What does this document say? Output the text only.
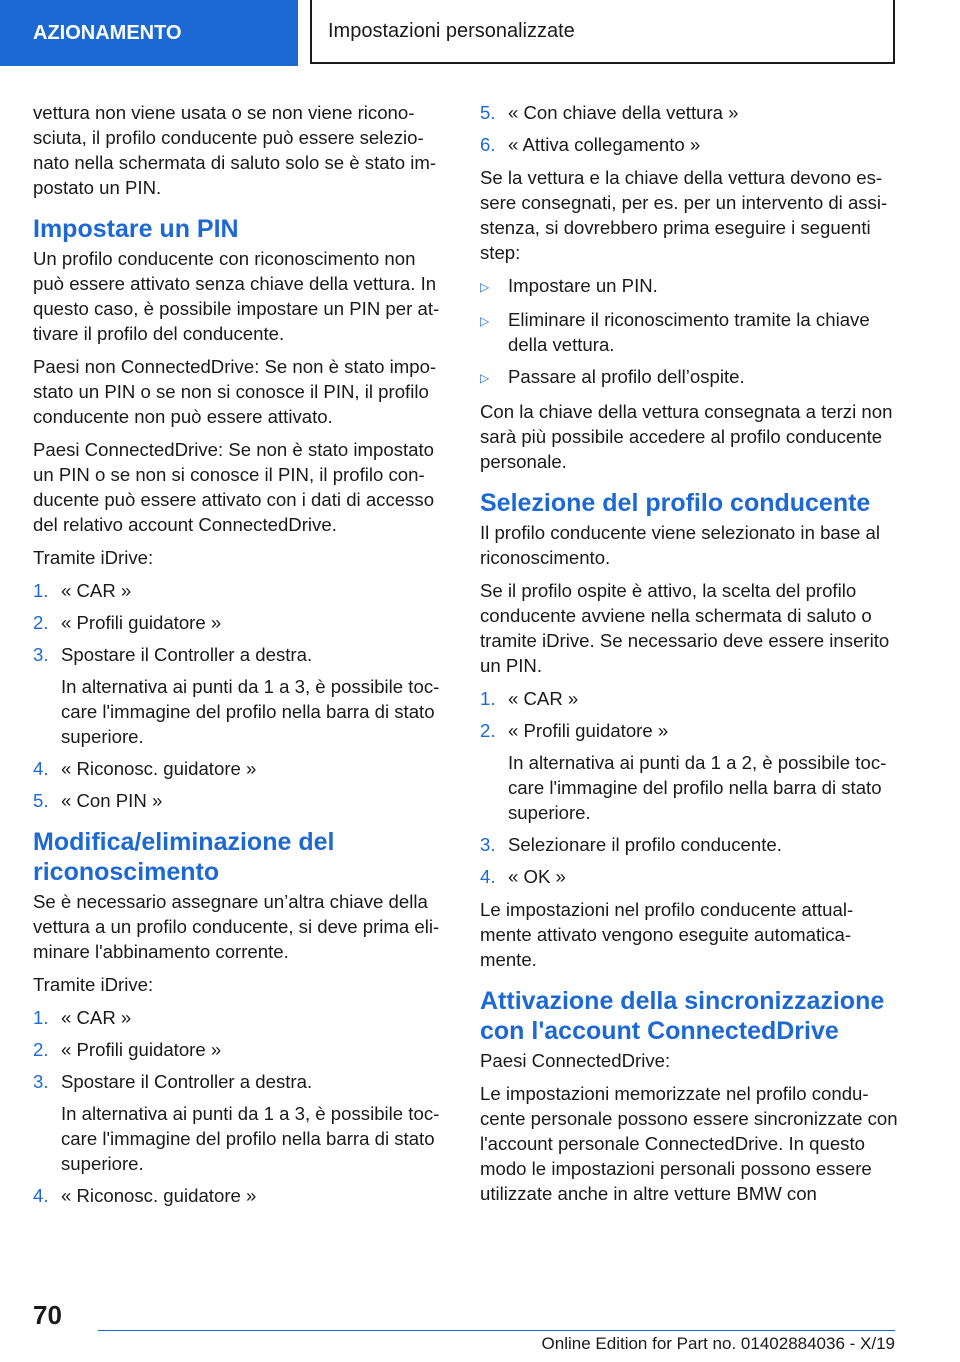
AZIONAMENTO	Impostazioni personalizzate

vettura non viene usata o se non viene riconosciuta, il profilo conducente può essere selezionato nella schermata di saluto solo se è stato impostato un PIN.

Impostare un PIN

Un profilo conducente con riconoscimento non può essere attivato senza chiave della vettura. In questo caso, è possibile impostare un PIN per attivare il profilo del conducente.

Paesi non ConnectedDrive: Se non è stato impostato un PIN o se non si conosce il PIN, il profilo conducente non può essere attivato.

Paesi ConnectedDrive: Se non è stato impostato un PIN o se non si conosce il PIN, il profilo conducente può essere attivato con i dati di accesso del relativo account ConnectedDrive.

Tramite iDrive:

1. « CAR »
2. « Profili guidatore »
3. Spostare il Controller a destra.
In alternativa ai punti da 1 a 3, è possibile toccare l'immagine del profilo nella barra di stato superiore.
4. « Riconosc. guidatore »
5. « Con PIN »
Modifica/eliminazione del riconoscimento

Se è necessario assegnare un’altra chiave della vettura a un profilo conducente, si deve prima eliminare l'abbinamento corrente.

Tramite iDrive:

1. « CAR »
2. « Profili guidatore »
3. Spostare il Controller a destra.
In alternativa ai punti da 1 a 3, è possibile toccare l'immagine del profilo nella barra di stato superiore.
4. « Riconosc. guidatore »
5. « Con chiave della vettura »
6. « Attiva collegamento »

Se la vettura e la chiave della vettura devono essere consegnati, per es. per un intervento di assistenza, si dovrebbero prima eseguire i seguenti step:

▷	Impostare un PIN.
▷	Eliminare il riconoscimento tramite la chiave della vettura.
▷	Passare al profilo dell’ospite.

Con la chiave della vettura consegnata a terzi non sarà più possibile accedere al profilo conducente personale.

Selezione del profilo conducente

Il profilo conducente viene selezionato in base al riconoscimento.

Se il profilo ospite è attivo, la scelta del profilo conducente avviene nella schermata di saluto o tramite iDrive. Se necessario deve essere inserito un PIN.

1. « CAR »
2. « Profili guidatore »
In alternativa ai punti da 1 a 2, è possibile toccare l'immagine del profilo nella barra di stato superiore.
3. Selezionare il profilo conducente.
4. « OK »

Le impostazioni nel profilo conducente attualmente attivato vengono eseguite automaticamente.

Attivazione della sincronizzazione con l'account ConnectedDrive

Paesi ConnectedDrive:

Le impostazioni memorizzate nel profilo conducente personale possono essere sincronizzate con l'account personale ConnectedDrive. In questo modo le impostazioni personali possono essere utilizzate anche in altre vetture BMW con

70
Online Edition for Part no. 01402884036 - X/19
